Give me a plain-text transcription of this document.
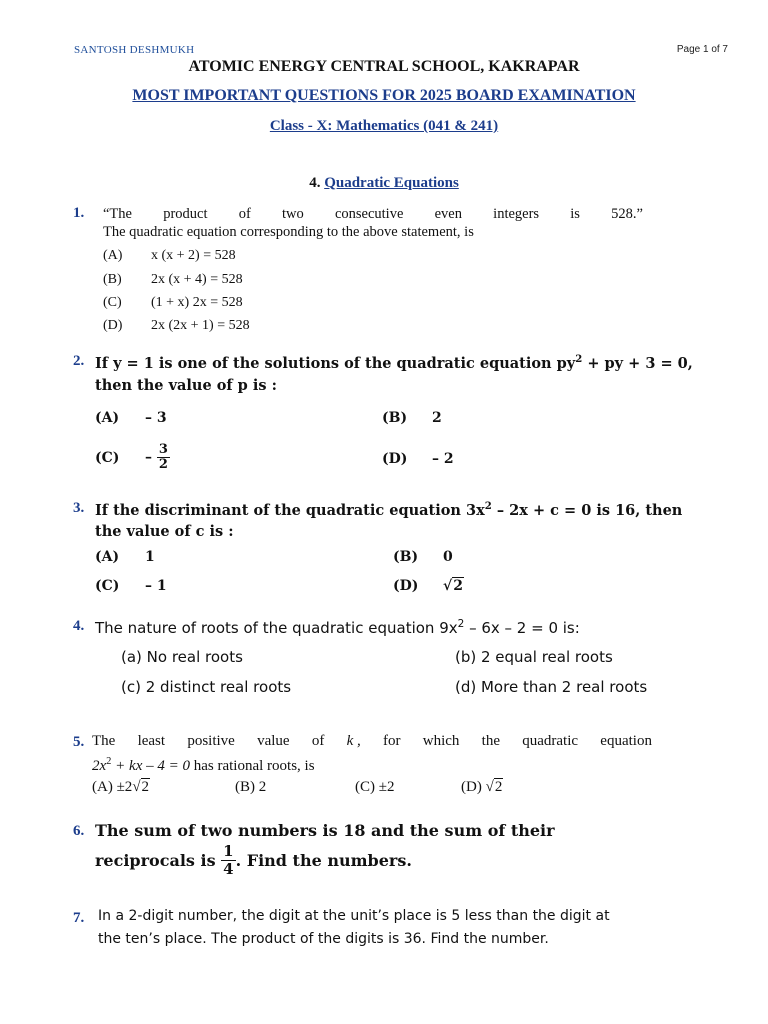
SANTOSH DESHMUKH	Page 1 of 7
ATOMIC ENERGY CENTRAL SCHOOL, KAKRAPAR
MOST IMPORTANT QUESTIONS FOR 2025 BOARD EXAMINATION
Class - X: Mathematics (041 & 241)
4. Quadratic Equations
1. “The product of two consecutive even integers is 528.”
The quadratic equation corresponding to the above statement, is
(A) x (x + 2) = 528
(B) 2x (x + 4) = 528
(C) (1 + x) 2x = 528
(D) 2x (2x + 1) = 528
2. If y = 1 is one of the solutions of the quadratic equation $py^2$ + py + 3 = 0,
then the value of p is :
(A) – 3	(B) 2
$(C) - \frac{3}{2}$	(D) – 2
3. If the discriminant of the quadratic equation $3x^2 - 2x + c = 0$ is 16, then
the value of c is :
(A) 1	(B) 0
(C) – 1	(D) √2
4. The nature of roots of the quadratic equation $9x^2 - 6x - 2 = 0$ is:
(a) No real roots	(b) 2 equal real roots
(c) 2 distinct real roots	(d) More than 2 real roots
5. The least positive value of k , for which the quadratic equation
$2x^2$ + kx – 4 = 0 has rational roots, is
(A) ±2√2	(B) 2	(C) ±2	(D) √2
6. The sum of two numbers is 18 and the sum of their
reciprocals is $\frac{1}{4}$ . Find the numbers.
7. In a 2-digit number, the digit at the unit’s place is 5 less than the digit at
the ten’s place. The product of the digits is 36. Find the number.
